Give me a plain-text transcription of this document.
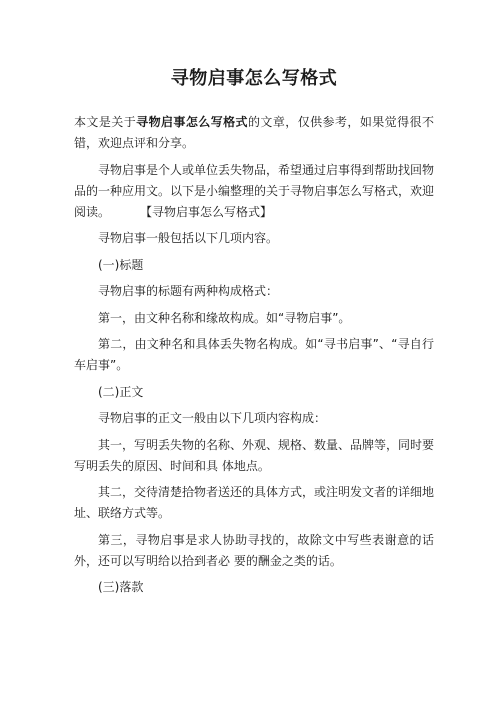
寻物启事怎么写格式
本文是关于寻物启事怎么写格式的文章，仅供参考，如果觉得很不错，欢迎点评和分享。
寻物启事是个人或单位丢失物品，希望通过启事得到帮助找回物品的一种应用文。以下是小编整理的关于寻物启事怎么写格式，欢迎阅读。	【寻物启事怎么写格式】
寻物启事一般包括以下几项内容。
(一)标题
寻物启事的标题有两种构成格式：
第一，由文种名称和缘故构成。如“寻物启事”。
第二，由文种名和具体丢失物名构成。如“寻书启事”、“寻自行车启事”。
(二)正文
寻物启事的正文一般由以下几项内容构成：
其一，写明丢失物的名称、外观、规格、数量、品牌等，同时要写明丢失的原因、时间和具 体地点。
其二，交待清楚拾物者送还的具体方式，或注明发文者的详细地址、联络方式等。
第三，寻物启事是求人协助寻找的，故除文中写些表谢意的话外，还可以写明给以拾到者必 要的酬金之类的话。
(三)落款
